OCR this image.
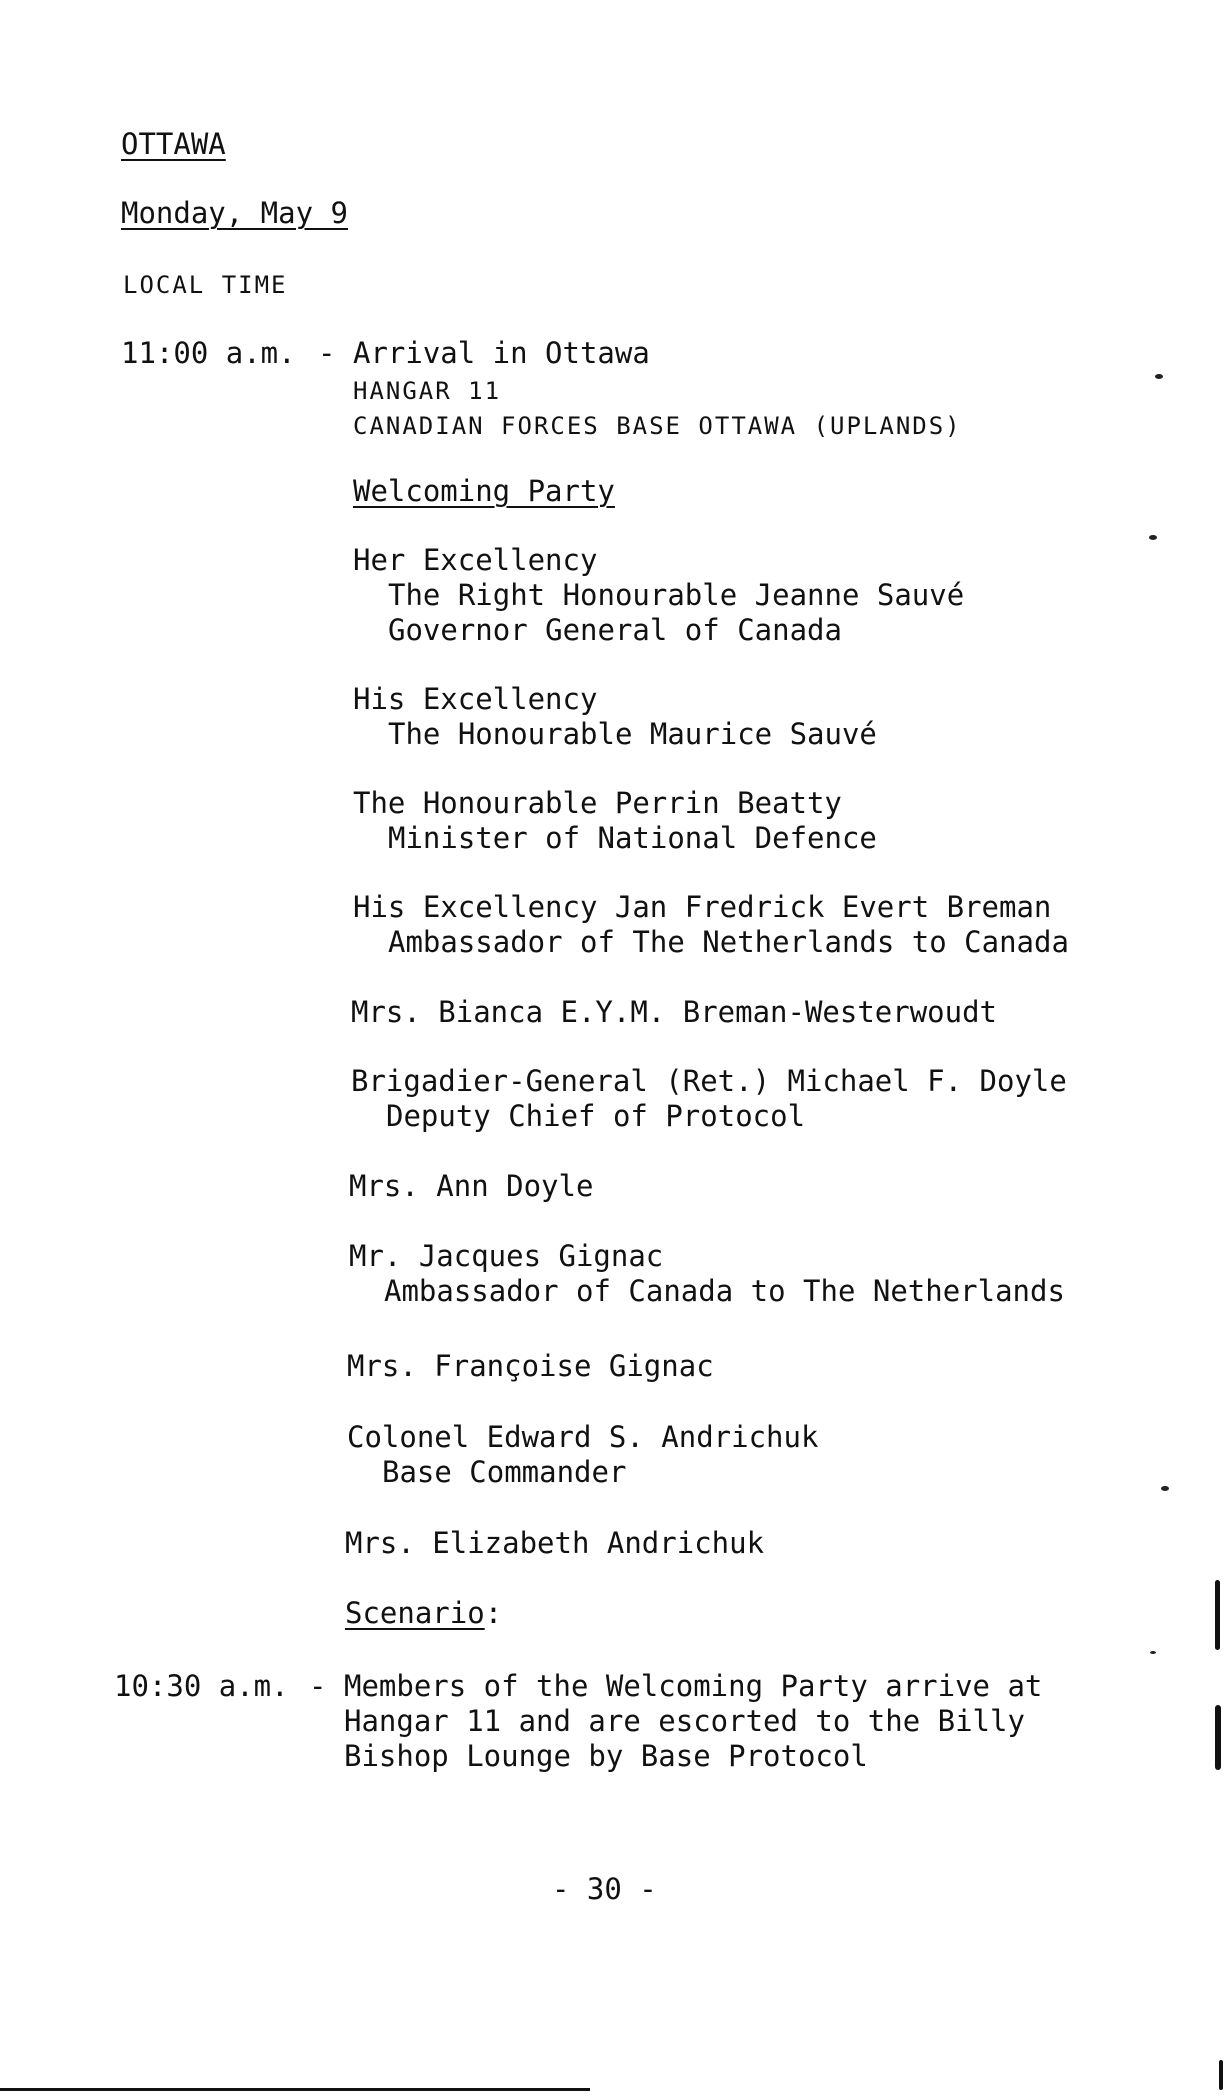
OTTAWA
Monday, May 9
LOCAL TIME
11:00 a.m. - Arrival in Ottawa
HANGAR 11
CANADIAN FORCES BASE OTTAWA (UPLANDS)
Welcoming Party
Her Excellency
The Right Honourable Jeanne Sauvé
Governor General of Canada
His Excellency
The Honourable Maurice Sauvé
The Honourable Perrin Beatty
Minister of National Defence
His Excellency Jan Fredrick Evert Breman
Ambassador of The Netherlands to Canada
Mrs. Bianca E.Y.M. Breman-Westerwoudt
Brigadier-General (Ret.) Michael F. Doyle
Deputy Chief of Protocol
Mrs. Ann Doyle
Mr. Jacques Gignac
Ambassador of Canada to The Netherlands
Mrs. Françoise Gignac
Colonel Edward S. Andrichuk
Base Commander
Mrs. Elizabeth Andrichuk
Scenario:
10:30 a.m. - Members of the Welcoming Party arrive at
Hangar 11 and are escorted to the Billy
Bishop Lounge by Base Protocol
- 30 -
